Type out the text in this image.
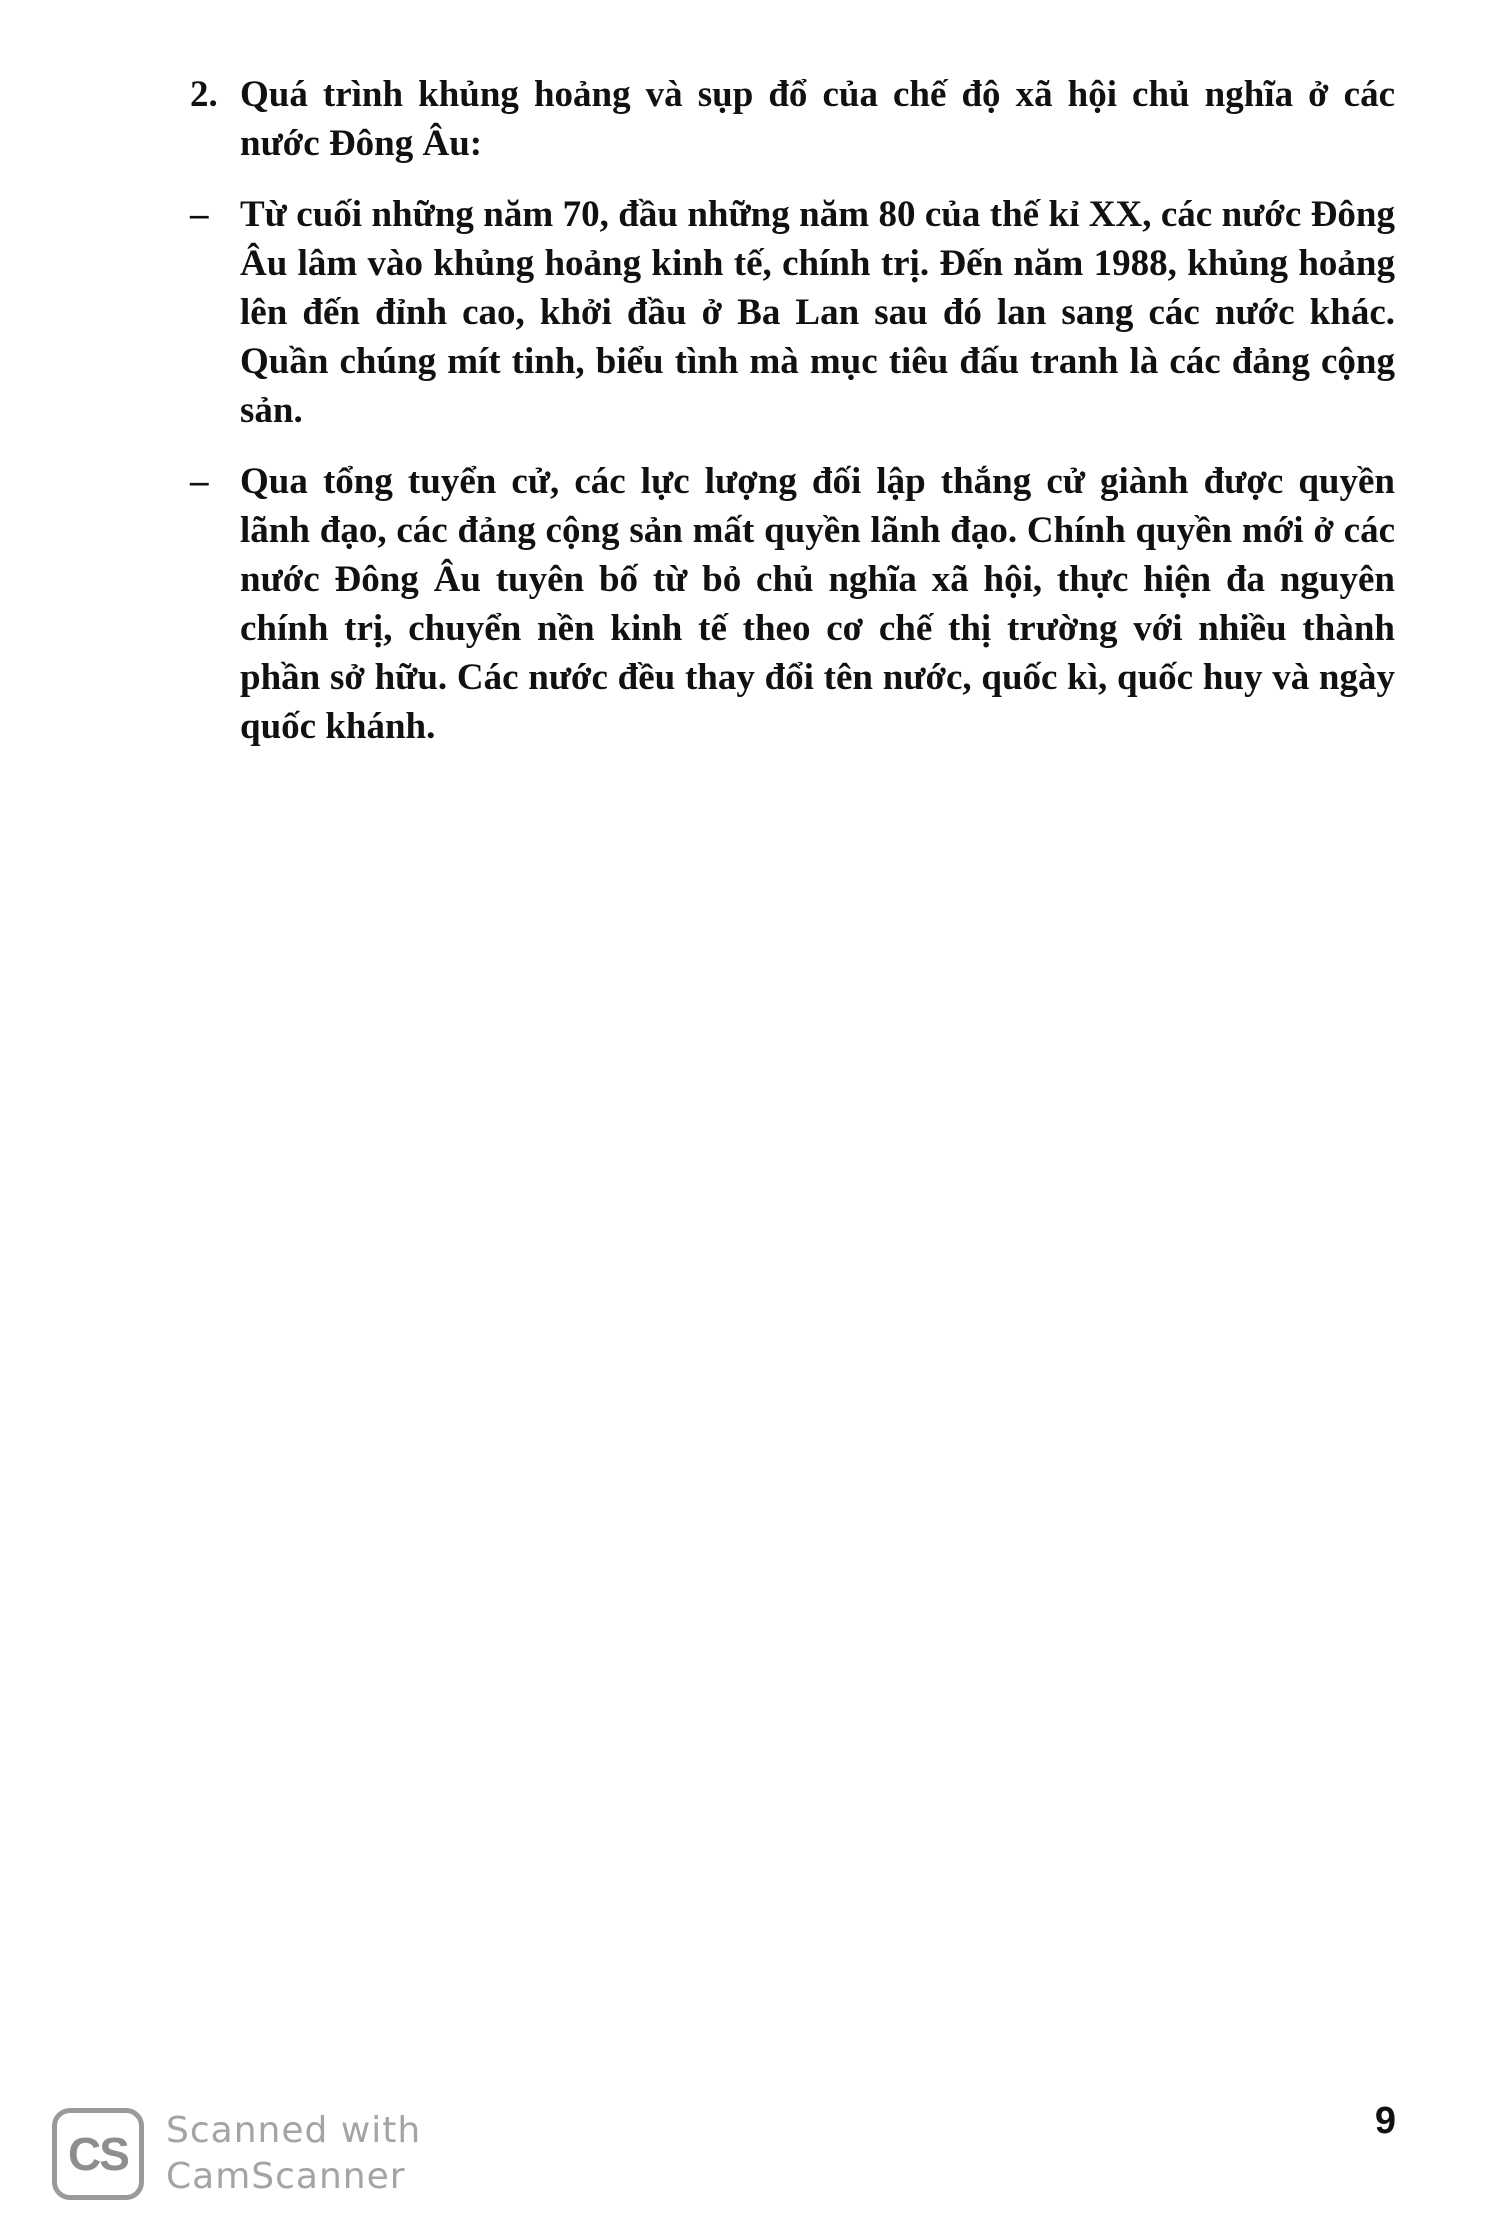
2. Quá trình khủng hoảng và sụp đổ của chế độ xã hội chủ nghĩa ở các nước Đông Âu:
– Từ cuối những năm 70, đầu những năm 80 của thế kỉ XX, các nước Đông Âu lâm vào khủng hoảng kinh tế, chính trị. Đến năm 1988, khủng hoảng lên đến đỉnh cao, khởi đầu ở Ba Lan sau đó lan sang các nước khác. Quần chúng mít tinh, biểu tình mà mục tiêu đấu tranh là các đảng cộng sản.
– Qua tổng tuyển cử, các lực lượng đối lập thắng cử giành được quyền lãnh đạo, các đảng cộng sản mất quyền lãnh đạo. Chính quyền mới ở các nước Đông Âu tuyên bố từ bỏ chủ nghĩa xã hội, thực hiện đa nguyên chính trị, chuyển nền kinh tế theo cơ chế thị trường với nhiều thành phần sở hữu. Các nước đều thay đổi tên nước, quốc kì, quốc huy và ngày quốc khánh.
9
CS	Scanned with
CamScanner
